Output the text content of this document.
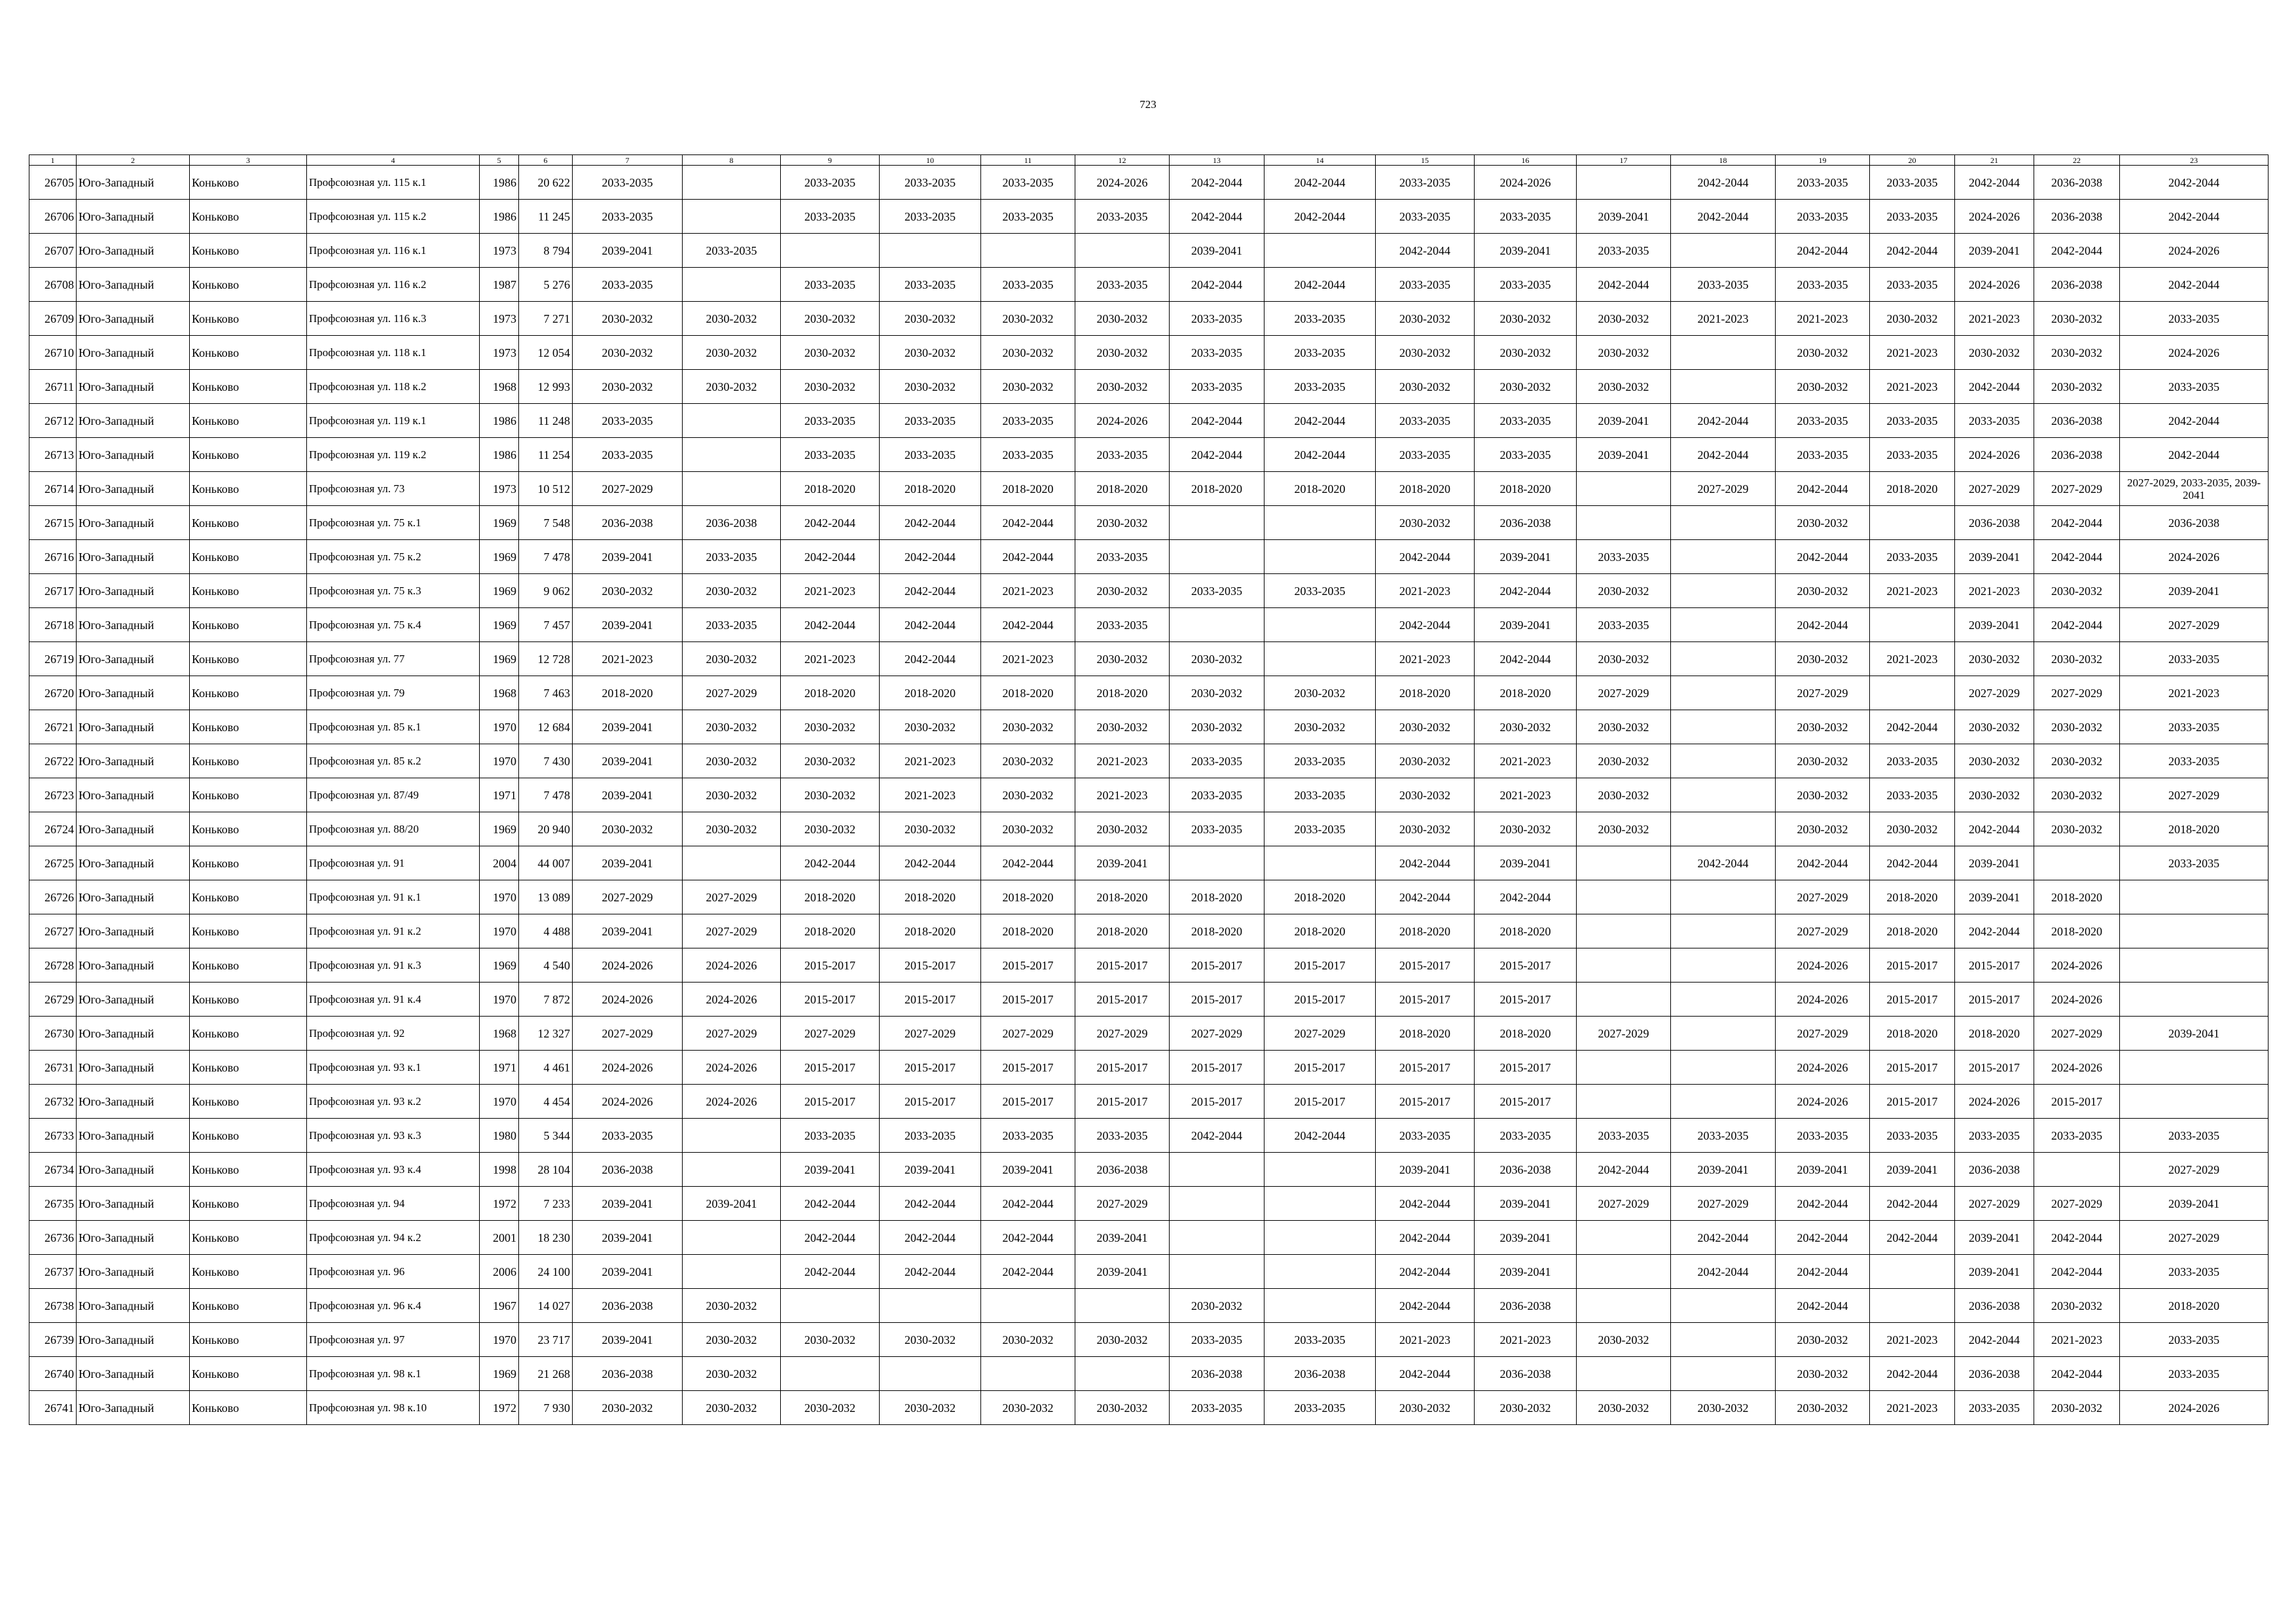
723
1	2	3	4	5	6	7	8	9	10	11	12	13	14	15	16	17	18	19	20	21	22	23
26705	Юго-Западный	Коньково	Профсоюзная ул. 115 к.1	1986	20 622	2033-2035		2033-2035	2033-2035	2033-2035	2024-2026	2042-2044	2042-2044	2033-2035	2024-2026		2042-2044	2033-2035	2033-2035	2042-2044	2036-2038	2042-2044
26706	Юго-Западный	Коньково	Профсоюзная ул. 115 к.2	1986	11 245	2033-2035		2033-2035	2033-2035	2033-2035	2033-2035	2042-2044	2042-2044	2033-2035	2033-2035	2039-2041	2042-2044	2033-2035	2033-2035	2024-2026	2036-2038	2042-2044
26707	Юго-Западный	Коньково	Профсоюзная ул. 116 к.1	1973	8 794	2039-2041	2033-2035					2039-2041		2042-2044	2039-2041	2033-2035		2042-2044	2042-2044	2039-2041	2042-2044	2024-2026
26708	Юго-Западный	Коньково	Профсоюзная ул. 116 к.2	1987	5 276	2033-2035		2033-2035	2033-2035	2033-2035	2033-2035	2042-2044	2042-2044	2033-2035	2033-2035	2042-2044	2033-2035	2033-2035	2033-2035	2024-2026	2036-2038	2042-2044
26709	Юго-Западный	Коньково	Профсоюзная ул. 116 к.3	1973	7 271	2030-2032	2030-2032	2030-2032	2030-2032	2030-2032	2030-2032	2033-2035	2033-2035	2030-2032	2030-2032	2030-2032	2021-2023	2021-2023	2030-2032	2021-2023	2030-2032	2033-2035
26710	Юго-Западный	Коньково	Профсоюзная ул. 118 к.1	1973	12 054	2030-2032	2030-2032	2030-2032	2030-2032	2030-2032	2030-2032	2033-2035	2033-2035	2030-2032	2030-2032	2030-2032		2030-2032	2021-2023	2030-2032	2030-2032	2024-2026
26711	Юго-Западный	Коньково	Профсоюзная ул. 118 к.2	1968	12 993	2030-2032	2030-2032	2030-2032	2030-2032	2030-2032	2030-2032	2033-2035	2033-2035	2030-2032	2030-2032	2030-2032		2030-2032	2021-2023	2042-2044	2030-2032	2033-2035
26712	Юго-Западный	Коньково	Профсоюзная ул. 119 к.1	1986	11 248	2033-2035		2033-2035	2033-2035	2033-2035	2024-2026	2042-2044	2042-2044	2033-2035	2033-2035	2039-2041	2042-2044	2033-2035	2033-2035	2033-2035	2036-2038	2042-2044
26713	Юго-Западный	Коньково	Профсоюзная ул. 119 к.2	1986	11 254	2033-2035		2033-2035	2033-2035	2033-2035	2033-2035	2042-2044	2042-2044	2033-2035	2033-2035	2039-2041	2042-2044	2033-2035	2033-2035	2024-2026	2036-2038	2042-2044
26714	Юго-Западный	Коньково	Профсоюзная ул. 73	1973	10 512	2027-2029		2018-2020	2018-2020	2018-2020	2018-2020	2018-2020	2018-2020	2018-2020	2018-2020		2027-2029	2042-2044	2018-2020	2027-2029	2027-2029	2027-2029, 2033-2035, 2039-2041
26715	Юго-Западный	Коньково	Профсоюзная ул. 75 к.1	1969	7 548	2036-2038	2036-2038	2042-2044	2042-2044	2042-2044	2030-2032			2030-2032	2036-2038			2030-2032		2036-2038	2042-2044	2036-2038
26716	Юго-Западный	Коньково	Профсоюзная ул. 75 к.2	1969	7 478	2039-2041	2033-2035	2042-2044	2042-2044	2042-2044	2033-2035			2042-2044	2039-2041	2033-2035		2042-2044	2033-2035	2039-2041	2042-2044	2024-2026
26717	Юго-Западный	Коньково	Профсоюзная ул. 75 к.3	1969	9 062	2030-2032	2030-2032	2021-2023	2042-2044	2021-2023	2030-2032	2033-2035	2033-2035	2021-2023	2042-2044	2030-2032		2030-2032	2021-2023	2021-2023	2030-2032	2039-2041
26718	Юго-Западный	Коньково	Профсоюзная ул. 75 к.4	1969	7 457	2039-2041	2033-2035	2042-2044	2042-2044	2042-2044	2033-2035			2042-2044	2039-2041	2033-2035		2042-2044		2039-2041	2042-2044	2027-2029
26719	Юго-Западный	Коньково	Профсоюзная ул. 77	1969	12 728	2021-2023	2030-2032	2021-2023	2042-2044	2021-2023	2030-2032	2030-2032		2021-2023	2042-2044	2030-2032		2030-2032	2021-2023	2030-2032	2030-2032	2033-2035
26720	Юго-Западный	Коньково	Профсоюзная ул. 79	1968	7 463	2018-2020	2027-2029	2018-2020	2018-2020	2018-2020	2018-2020	2030-2032	2030-2032	2018-2020	2018-2020	2027-2029		2027-2029		2027-2029	2027-2029	2021-2023
26721	Юго-Западный	Коньково	Профсоюзная ул. 85 к.1	1970	12 684	2039-2041	2030-2032	2030-2032	2030-2032	2030-2032	2030-2032	2030-2032	2030-2032	2030-2032	2030-2032	2030-2032		2030-2032	2042-2044	2030-2032	2030-2032	2033-2035
26722	Юго-Западный	Коньково	Профсоюзная ул. 85 к.2	1970	7 430	2039-2041	2030-2032	2030-2032	2021-2023	2030-2032	2021-2023	2033-2035	2033-2035	2030-2032	2021-2023	2030-2032		2030-2032	2033-2035	2030-2032	2030-2032	2033-2035
26723	Юго-Западный	Коньково	Профсоюзная ул. 87/49	1971	7 478	2039-2041	2030-2032	2030-2032	2021-2023	2030-2032	2021-2023	2033-2035	2033-2035	2030-2032	2021-2023	2030-2032		2030-2032	2033-2035	2030-2032	2030-2032	2027-2029
26724	Юго-Западный	Коньково	Профсоюзная ул. 88/20	1969	20 940	2030-2032	2030-2032	2030-2032	2030-2032	2030-2032	2030-2032	2033-2035	2033-2035	2030-2032	2030-2032	2030-2032		2030-2032	2030-2032	2042-2044	2030-2032	2018-2020
26725	Юго-Западный	Коньково	Профсоюзная ул. 91	2004	44 007	2039-2041		2042-2044	2042-2044	2042-2044	2039-2041			2042-2044	2039-2041		2042-2044	2042-2044	2042-2044	2039-2041		2033-2035
26726	Юго-Западный	Коньково	Профсоюзная ул. 91 к.1	1970	13 089	2027-2029	2027-2029	2018-2020	2018-2020	2018-2020	2018-2020	2018-2020	2018-2020	2042-2044	2042-2044			2027-2029	2018-2020	2039-2041	2018-2020	
26727	Юго-Западный	Коньково	Профсоюзная ул. 91 к.2	1970	4 488	2039-2041	2027-2029	2018-2020	2018-2020	2018-2020	2018-2020	2018-2020	2018-2020	2018-2020	2018-2020			2027-2029	2018-2020	2042-2044	2018-2020	
26728	Юго-Западный	Коньково	Профсоюзная ул. 91 к.3	1969	4 540	2024-2026	2024-2026	2015-2017	2015-2017	2015-2017	2015-2017	2015-2017	2015-2017	2015-2017	2015-2017			2024-2026	2015-2017	2015-2017	2024-2026	
26729	Юго-Западный	Коньково	Профсоюзная ул. 91 к.4	1970	7 872	2024-2026	2024-2026	2015-2017	2015-2017	2015-2017	2015-2017	2015-2017	2015-2017	2015-2017	2015-2017			2024-2026	2015-2017	2015-2017	2024-2026	
26730	Юго-Западный	Коньково	Профсоюзная ул. 92	1968	12 327	2027-2029	2027-2029	2027-2029	2027-2029	2027-2029	2027-2029	2027-2029	2027-2029	2018-2020	2018-2020	2027-2029		2027-2029	2018-2020	2018-2020	2027-2029	2039-2041
26731	Юго-Западный	Коньково	Профсоюзная ул. 93 к.1	1971	4 461	2024-2026	2024-2026	2015-2017	2015-2017	2015-2017	2015-2017	2015-2017	2015-2017	2015-2017	2015-2017			2024-2026	2015-2017	2015-2017	2024-2026	
26732	Юго-Западный	Коньково	Профсоюзная ул. 93 к.2	1970	4 454	2024-2026	2024-2026	2015-2017	2015-2017	2015-2017	2015-2017	2015-2017	2015-2017	2015-2017	2015-2017			2024-2026	2015-2017	2024-2026	2015-2017	
26733	Юго-Западный	Коньково	Профсоюзная ул. 93 к.3	1980	5 344	2033-2035		2033-2035	2033-2035	2033-2035	2033-2035	2042-2044	2042-2044	2033-2035	2033-2035	2033-2035	2033-2035	2033-2035	2033-2035	2033-2035	2033-2035	2033-2035
26734	Юго-Западный	Коньково	Профсоюзная ул. 93 к.4	1998	28 104	2036-2038		2039-2041	2039-2041	2039-2041	2036-2038			2039-2041	2036-2038	2042-2044	2039-2041	2039-2041	2039-2041	2036-2038		2027-2029
26735	Юго-Западный	Коньково	Профсоюзная ул. 94	1972	7 233	2039-2041	2039-2041	2042-2044	2042-2044	2042-2044	2027-2029			2042-2044	2039-2041	2027-2029	2027-2029	2042-2044	2042-2044	2027-2029	2027-2029	2039-2041
26736	Юго-Западный	Коньково	Профсоюзная ул. 94 к.2	2001	18 230	2039-2041		2042-2044	2042-2044	2042-2044	2039-2041			2042-2044	2039-2041		2042-2044	2042-2044	2042-2044	2039-2041	2042-2044	2027-2029
26737	Юго-Западный	Коньково	Профсоюзная ул. 96	2006	24 100	2039-2041		2042-2044	2042-2044	2042-2044	2039-2041			2042-2044	2039-2041		2042-2044	2042-2044		2039-2041	2042-2044	2033-2035
26738	Юго-Западный	Коньково	Профсоюзная ул. 96 к.4	1967	14 027	2036-2038	2030-2032					2030-2032		2042-2044	2036-2038			2042-2044		2036-2038	2030-2032	2018-2020
26739	Юго-Западный	Коньково	Профсоюзная ул. 97	1970	23 717	2039-2041	2030-2032	2030-2032	2030-2032	2030-2032	2030-2032	2033-2035	2033-2035	2021-2023	2021-2023	2030-2032		2030-2032	2021-2023	2042-2044	2021-2023	2033-2035
26740	Юго-Западный	Коньково	Профсоюзная ул. 98 к.1	1969	21 268	2036-2038	2030-2032					2036-2038	2036-2038	2042-2044	2036-2038			2030-2032	2042-2044	2036-2038	2042-2044	2033-2035
26741	Юго-Западный	Коньково	Профсоюзная ул. 98 к.10	1972	7 930	2030-2032	2030-2032	2030-2032	2030-2032	2030-2032	2030-2032	2033-2035	2033-2035	2030-2032	2030-2032	2030-2032	2030-2032	2030-2032	2021-2023	2033-2035	2030-2032	2024-2026
